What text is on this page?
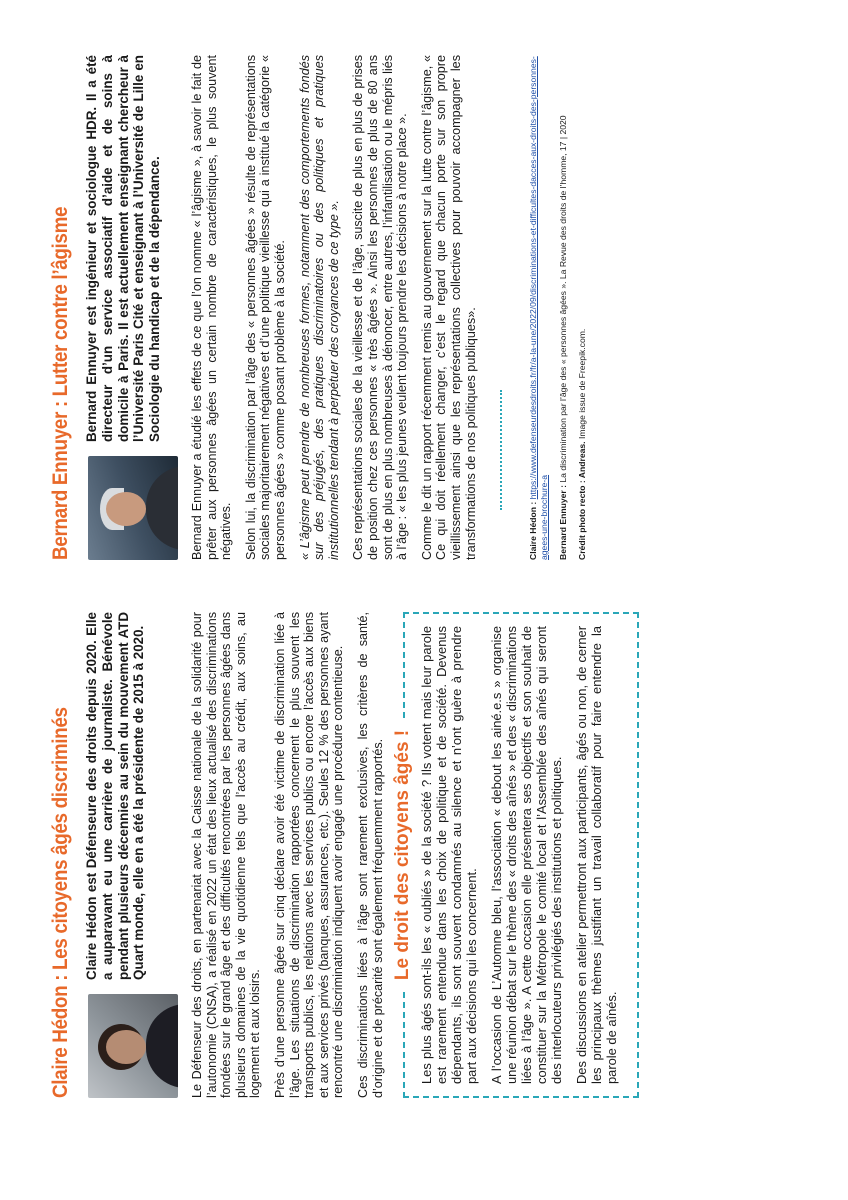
Claire Hédon : Les citoyens âgés discriminés Claire Hédon est Défenseure des droits depuis 2020. Elle a auparavant eu une carrière de journaliste. Bénévole pendant plusieurs décennies au sein du mouvement ATD Quart monde, elle en a été la présidente de 2015 à 2020.	Le Défenseur des droits, en partenariat avec la Caisse nationale de la solidarité pour l’autonomie (CNSA), a réalisé en 2022 un état des lieux actualisé des discriminations fondées sur le grand âge et des difficultés rencontrées par les personnes âgées dans plusieurs domaines de la vie quotidienne tels que l’accès au crédit, aux soins, au logement et aux loisirs. Près d’une personne âgée sur cinq déclare avoir été victime de discrimination liée à l’âge. Les situations de discrimination rapportées concernent le plus souvent les transports publics, les relations avec les services publics ou encore l’accès aux biens et aux services privés (banques, assurances, etc.). Seules 12 % des personnes ayant rencontré une discrimination indiquent avoir engagé une procédure contentieuse. Ces discriminations liées à l’âge sont rarement exclusives, les critères de santé, d’origine et de précarité sont également fréquemment rapportés. Le droit des citoyens âgés ! Les plus âgés sont-ils les « oubliés » de la société ? Ils votent mais leur parole est rarement entendue dans les choix de politique et de société. Devenus dépendants, ils sont souvent condamnés au silence et n’ont guère à prendre part aux décisions qui les concernent. A l’occasion de L’Automne bleu, l’association « debout les ainé.e.s » organise une réunion débat sur le thème des « droits des aînés » et des « discriminations liées à l’âge ». A cette occasion elle présentera ses objectifs et son souhait de constituer sur la Métropole le comité local et l’Assemblée des aînés qui seront des interlocuteurs privilégiés des institutions et politiques. Des discussions en atelier permettront aux participants, âgés ou non, de cerner les principaux thèmes justifiant un travail collaboratif pour faire entendre la parole de aînés.

Bernard Ennuyer : Lutter contre l’âgisme Bernard Ennuyer est ingénieur et sociologue HDR. Il a été directeur d’un service associatif d’aide et de soins à domicile à Paris. Il est actuellement enseignant chercheur à l’Université Paris Cité et enseignant à l’Université de Lille en Sociologie du handicap et de la dépendance. Bernard Ennuyer a étudié les effets de ce que l’on nomme « l’âgisme », à savoir le fait de prêter aux personnes âgées un certain nombre de caractéristiques, le plus souvent négatives. Selon lui, la discrimination par l’âge des « personnes âgées » résulte de représentations sociales majoritairement négatives et d’une politique vieillesse qui a institué la catégorie « personnes âgées » comme posant problème à la société. « L’âgisme peut prendre de nombreuses formes, notamment des comportements fondés sur des préjugés, des pratiques discriminatoires ou des politiques et pratiques institutionnelles tendant à perpétuer des croyances de ce type ». Ces représentations sociales de la vieillesse et de l’âge, suscite de plus en plus de prises de position chez ces personnes « très âgées ». Ainsi les personnes de plus de 80 ans sont de plus en plus nombreuses à dénoncer, entre autres, l’infantilisation ou le mépris liés à l’âge : « les plus jeunes veulent toujours prendre les décisions à notre place ». Comme le dit un rapport récemment remis au gouvernement sur la lutte contre l’âgisme, « Ce qui doit réellement changer, c’est le regard que chacun porte sur son propre vieillissement ainsi que les représentations collectives pour pouvoir accompagner les transformations de nos politiques publiques».	Claire Hédon : https://www.defenseurdesdroits.fr/fr/a-la-une/2022/09/discriminations-et-difficultes-dacces-aux-droits-des-personnes-agees-une-brochure-a Bernard Ennuyer : La discrimination par l’âge des « personnes âgées ». La Revue des droits de l’homme, 17 | 2020

Crédit photo recto : Andreas. Image issue de Freepik.com.
